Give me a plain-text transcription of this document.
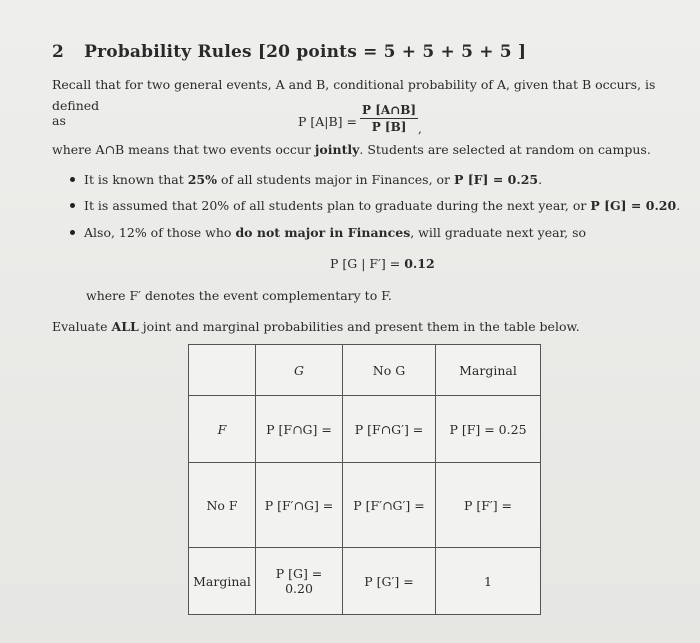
2 Probability Rules [20 points = 5 + 5 + 5 + 5 ]
Recall that for two general events, A and B, conditional probability of A, given that B occurs, is defined
as	P $[A|B] = \frac{P [A\cap B]}{P [B]}$ ,
where A∩B means that two events occur jointly. Students are selected at random on campus.
It is known that 25% of all students major in Finances, or P [F] = 0.25.
It is assumed that 20% of all students plan to graduate during the next year, or P [G] = 0.20.
Also, 12% of those who do not major in Finances, will graduate next year, so
P [G | F′] = 0.12
where F′ denotes the event complementary to F.
Evaluate ALL joint and marginal probabilities and present them in the table below.
	G	No G	Marginal
F	P [F∩G] =	P [F∩G′] =	P [F] = 0.25
No F	P [F′∩G] =	P [F′∩G′] =	P [F′] =
Marginal	P [G] = 0.20	P [G′] =	1
